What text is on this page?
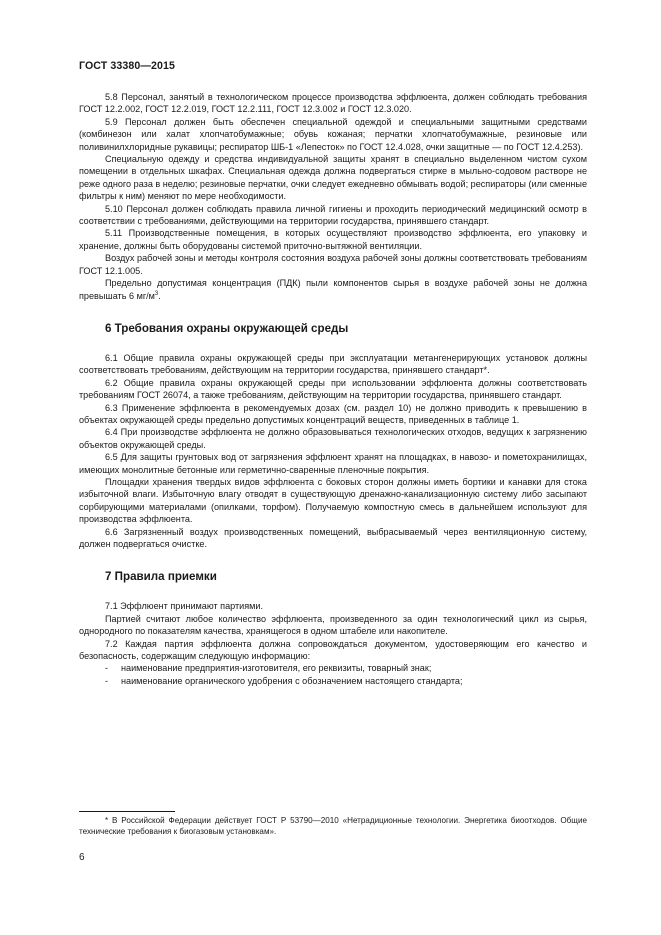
ГОСТ 33380—2015

5.8 Персонал, занятый в технологическом процессе производства эффлюента, должен соблюдать требования ГОСТ 12.2.002, ГОСТ 12.2.019, ГОСТ 12.2.111, ГОСТ 12.3.002 и ГОСТ 12.3.020.

5.9 Персонал должен быть обеспечен специальной одеждой и специальными защитными средствами (комбинезон или халат хлопчатобумажные; обувь кожаная; перчатки хлопчатобумажные, резиновые или поливинилхлоридные рукавицы; респиратор ШБ-1 «Лепесток» по ГОСТ 12.4.028, очки защитные — по ГОСТ 12.4.253).

Специальную одежду и средства индивидуальной защиты хранят в специально выделенном чистом сухом помещении в отдельных шкафах. Специальная одежда должна подвергаться стирке в мыльно-содовом растворе не реже одного раза в неделю; резиновые перчатки, очки следует ежедневно обмывать водой; респираторы (или сменные фильтры к ним) меняют по мере необходимости.

5.10 Персонал должен соблюдать правила личной гигиены и проходить периодический медицинский осмотр в соответствии с требованиями, действующими на территории государства, принявшего стандарт.

5.11 Производственные помещения, в которых осуществляют производство эффлюента, его упаковку и хранение, должны быть оборудованы системой приточно-вытяжной вентиляции.

Воздух рабочей зоны и методы контроля состояния воздуха рабочей зоны должны соответствовать требованиям ГОСТ 12.1.005.

Предельно допустимая концентрация (ПДК) пыли компонентов сырья в воздухе рабочей зоны не должна превышать 6 $мг/м^3$.

6 Требования охраны окружающей среды

6.1 Общие правила охраны окружающей среды при эксплуатации метангенерирующих установок должны соответствовать требованиям, действующим на территории государства, принявшего стандарт*.

6.2 Общие правила охраны окружающей среды при использовании эффлюента должны соответствовать требованиям ГОСТ 26074, а также требованиям, действующим на территории государства, принявшего стандарт.

6.3 Применение эффлюента в рекомендуемых дозах (см. раздел 10) не должно приводить к превышению в объектах окружающей среды предельно допустимых концентраций веществ, приведенных в таблице 1.

6.4 При производстве эффлюента не должно образовываться технологических отходов, ведущих к загрязнению объектов окружающей среды.

6.5 Для защиты грунтовых вод от загрязнения эффлюент хранят на площадках, в навозо- и пометохранилищах, имеющих монолитные бетонные или герметично-сваренные пленочные покрытия.

Площадки хранения твердых видов эффлюента с боковых сторон должны иметь бортики и канавки для стока избыточной влаги. Избыточную влагу отводят в существующую дренажно-канализационную систему либо засыпают сорбирующими материалами (опилками, торфом). Получаемую компостную смесь в дальнейшем используют для производства эффлюента.

6.6 Загрязненный воздух производственных помещений, выбрасываемый через вентиляционную систему, должен подвергаться очистке.

7 Правила приемки

7.1 Эффлюент принимают партиями.

Партией считают любое количество эффлюента, произведенного за один технологический цикл из сырья, однородного по показателям качества, хранящегося в одном штабеле или накопителе.

7.2 Каждая партия эффлюента должна сопровождаться документом, удостоверяющим его качество и безопасность, содержащим следующую информацию:

- наименование предприятия-изготовителя, его реквизиты, товарный знак;

- наименование органического удобрения с обозначением настоящего стандарта;

* В Российской Федерации действует ГОСТ Р 53790—2010 «Нетрадиционные технологии. Энергетика биоотходов. Общие технические требования к биогазовым установкам».

6
